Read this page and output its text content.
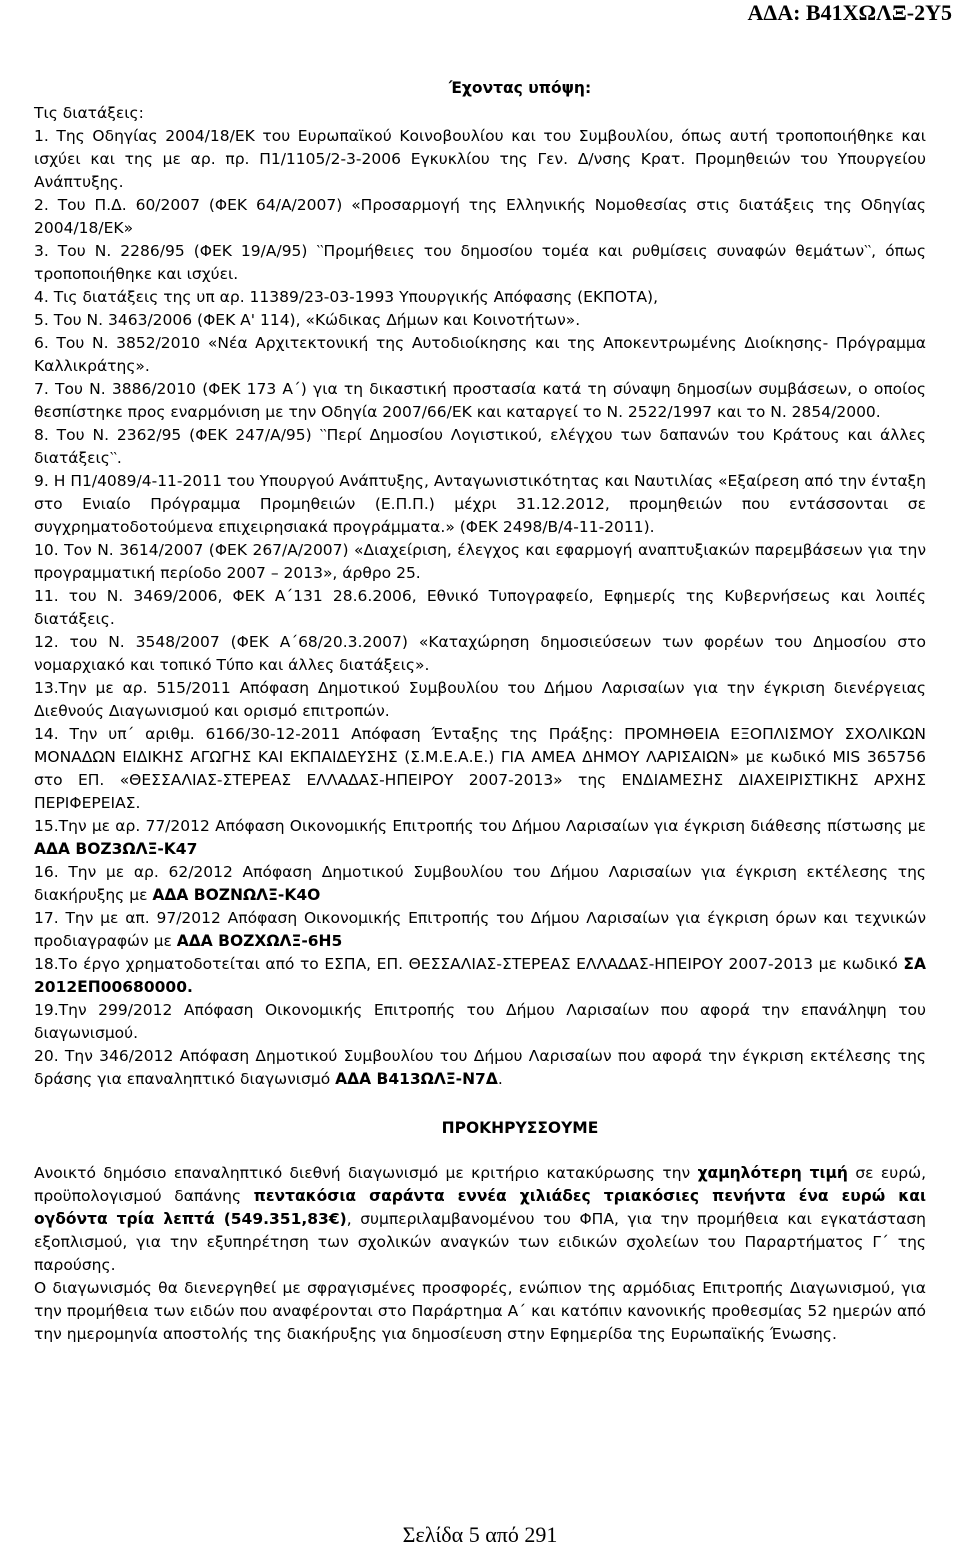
ΑΔΑ: Β41ΧΩΛΞ-2Υ5

Έχοντας υπόψη:

Τις διατάξεις:

1. Της Οδηγίας 2004/18/ΕΚ του Ευρωπαϊκού Κοινοβουλίου και του Συμβουλίου, όπως αυτή τροποποιήθηκε και ισχύει και της με αρ. πρ. Π1/1105/2-3-2006 Εγκυκλίου της Γεν. Δ/νσης Κρατ. Προμηθειών του Υπουργείου Ανάπτυξης.

2. Του Π.Δ. 60/2007 (ΦΕΚ 64/Α/2007) «Προσαρμογή της Ελληνικής Νομοθεσίας στις διατάξεις της Οδηγίας 2004/18/ΕΚ»

3. Του Ν. 2286/95 (ΦΕΚ 19/Α/95) ‵‵Προμήθειες του δημοσίου τομέα και ρυθμίσεις συναφών θεμάτων‵‵, όπως τροποποιήθηκε και ισχύει.

4. Τις διατάξεις της υπ αρ. 11389/23-03-1993 Υπουργικής Απόφασης (ΕΚΠΟΤΑ),

5. Του Ν. 3463/2006 (ΦΕΚ Α' 114), «Κώδικας Δήμων και Κοινοτήτων».

6. Του Ν. 3852/2010 «Νέα Αρχιτεκτονική της Αυτοδιοίκησης και της Αποκεντρωμένης Διοίκησης- Πρόγραμμα Καλλικράτης».

7. Του Ν. 3886/2010 (ΦΕΚ 173 Α΄) για τη δικαστική προστασία κατά τη σύναψη δημοσίων συμβάσεων, ο οποίος θεσπίστηκε προς εναρμόνιση με την Οδηγία 2007/66/ΕΚ και καταργεί το Ν. 2522/1997 και το Ν. 2854/2000.

8. Του Ν. 2362/95 (ΦΕΚ 247/Α/95) ‵‵Περί Δημοσίου Λογιστικού, ελέγχου των δαπανών του Κράτους και άλλες διατάξεις‵‵.

9. Η Π1/4089/4-11-2011 του Υπουργού Ανάπτυξης, Ανταγωνιστικότητας και Ναυτιλίας «Εξαίρεση από την ένταξη στο Ενιαίο Πρόγραμμα Προμηθειών (Ε.Π.Π.) μέχρι 31.12.2012, προμηθειών που εντάσσονται σε συγχρηματοδοτούμενα επιχειρησιακά προγράμματα.» (ΦΕΚ 2498/Β/4-11-2011).

10. Τον Ν. 3614/2007 (ΦΕΚ 267/Α/2007) «Διαχείριση, έλεγχος και εφαρμογή αναπτυξιακών παρεμβάσεων για την προγραμματική περίοδο 2007 – 2013», άρθρο 25.

11. του Ν. 3469/2006, ΦΕΚ Α΄131 28.6.2006, Εθνικό Τυπογραφείο, Εφημερίς της Κυβερνήσεως και λοιπές διατάξεις.

12. του Ν. 3548/2007 (ΦΕΚ Α΄68/20.3.2007) «Καταχώρηση δημοσιεύσεων των φορέων του Δημοσίου στο νομαρχιακό και τοπικό Τύπο και άλλες διατάξεις».

13.Την με αρ. 515/2011 Απόφαση Δημοτικού Συμβουλίου του Δήμου Λαρισαίων για την έγκριση διενέργειας Διεθνούς Διαγωνισμού και ορισμό επιτροπών.

14. Την υπ΄ αριθμ. 6166/30-12-2011 Απόφαση Ένταξης της Πράξης: ΠΡΟΜΗΘΕΙΑ ΕΞΟΠΛΙΣΜΟΥ ΣΧΟΛΙΚΩΝ ΜΟΝΑΔΩΝ ΕΙΔΙΚΗΣ ΑΓΩΓΗΣ ΚΑΙ ΕΚΠΑΙΔΕΥΣΗΣ (Σ.Μ.Ε.Α.Ε.) ΓΙΑ ΑΜΕΑ ΔΗΜΟΥ ΛΑΡΙΣΑΙΩΝ» με κωδικό MIS 365756 στο ΕΠ. «ΘΕΣΣΑΛΙΑΣ-ΣΤΕΡΕΑΣ ΕΛΛΑΔΑΣ-ΗΠΕΙΡΟΥ 2007-2013» της ΕΝΔΙΑΜΕΣΗΣ ΔΙΑΧΕΙΡΙΣΤΙΚΗΣ ΑΡΧΗΣ ΠΕΡΙΦΕΡΕΙΑΣ.

15.Την με αρ. 77/2012 Απόφαση Οικονομικής Επιτροπής του Δήμου Λαρισαίων για έγκριση διάθεσης πίστωσης με ΑΔΑ ΒΟΖ3ΩΛΞ-Κ47

16. Την με αρ. 62/2012 Απόφαση Δημοτικού Συμβουλίου του Δήμου Λαρισαίων για έγκριση εκτέλεσης της διακήρυξης με ΑΔΑ ΒΟΖΝΩΛΞ-Κ4Ο

17. Την με απ. 97/2012 Απόφαση Οικονομικής Επιτροπής του Δήμου Λαρισαίων για έγκριση όρων και τεχνικών προδιαγραφών με ΑΔΑ ΒΟΖΧΩΛΞ-6Η5

18.Το έργο χρηματοδοτείται από το ΕΣΠΑ, ΕΠ. ΘΕΣΣΑΛΙΑΣ-ΣΤΕΡΕΑΣ ΕΛΛΑΔΑΣ-ΗΠΕΙΡΟΥ 2007-2013 με κωδικό ΣΑ 2012ΕΠ00680000.

19.Την 299/2012 Απόφαση Οικονομικής Επιτροπής του Δήμου Λαρισαίων που αφορά την επανάληψη του διαγωνισμού.

20. Την 346/2012 Απόφαση Δημοτικού Συμβουλίου του Δήμου Λαρισαίων που αφορά την έγκριση εκτέλεσης της δράσης για επαναληπτικό διαγωνισμό ΑΔΑ Β413ΩΛΞ-Ν7Δ.

ΠΡΟΚΗΡΥΣΣΟΥΜΕ

Ανοικτό δημόσιο επαναληπτικό διεθνή διαγωνισμό με κριτήριο κατακύρωσης την χαμηλότερη τιμή σε ευρώ, προϋπολογισμού δαπάνης πεντακόσια σαράντα εννέα χιλιάδες τριακόσιες πενήντα ένα ευρώ και ογδόντα τρία λεπτά (549.351,83€), συμπεριλαμβανομένου του ΦΠΑ, για την προμήθεια και εγκατάσταση εξοπλισμού, για την εξυπηρέτηση των σχολικών αναγκών των ειδικών σχολείων του Παραρτήματος Γ΄ της παρούσης.

Ο διαγωνισμός θα διενεργηθεί με σφραγισμένες προσφορές, ενώπιον της αρμόδιας Επιτροπής Διαγωνισμού, για την προμήθεια των ειδών που αναφέρονται στο Παράρτημα Α΄ και κατόπιν κανονικής προθεσμίας 52 ημερών από την ημερομηνία αποστολής της διακήρυξης για δημοσίευση στην Εφημερίδα της Ευρωπαϊκής Ένωσης.

Σελίδα 5 από 291
